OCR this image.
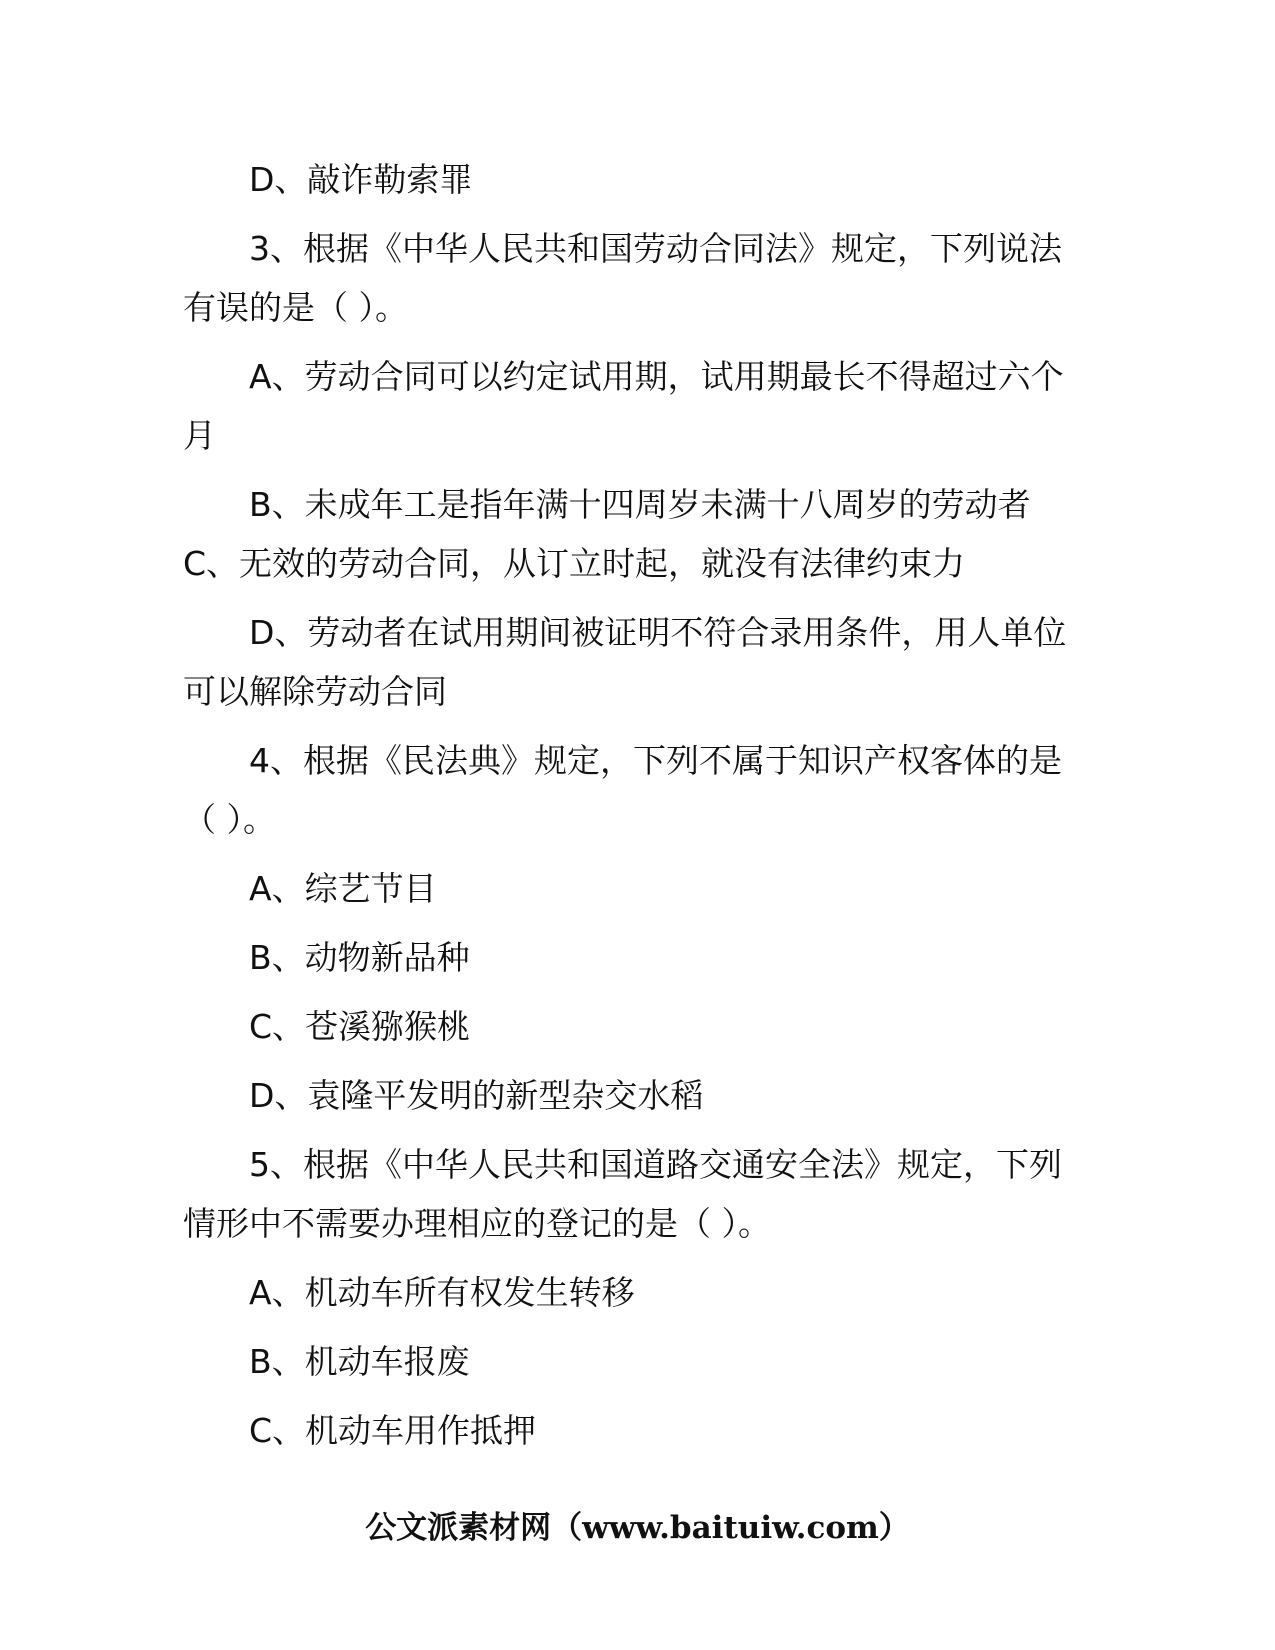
D、敲诈勒索罪

3、根据《中华人民共和国劳动合同法》规定，下列说法有误的是（ ）。

A、劳动合同可以约定试用期，试用期最长不得超过六个月

B、未成年工是指年满十四周岁未满十八周岁的劳动者

C、无效的劳动合同，从订立时起，就没有法律约束力

D、劳动者在试用期间被证明不符合录用条件，用人单位可以解除劳动合同

4、根据《民法典》规定，下列不属于知识产权客体的是（ ）。

A、综艺节目

B、动物新品种

C、苍溪猕猴桃

D、袁隆平发明的新型杂交水稻

5、根据《中华人民共和国道路交通安全法》规定，下列情形中不需要办理相应的登记的是（ ）。

A、机动车所有权发生转移

B、机动车报废

C、机动车用作抵押

公文派素材网（www.baituiw.com）
